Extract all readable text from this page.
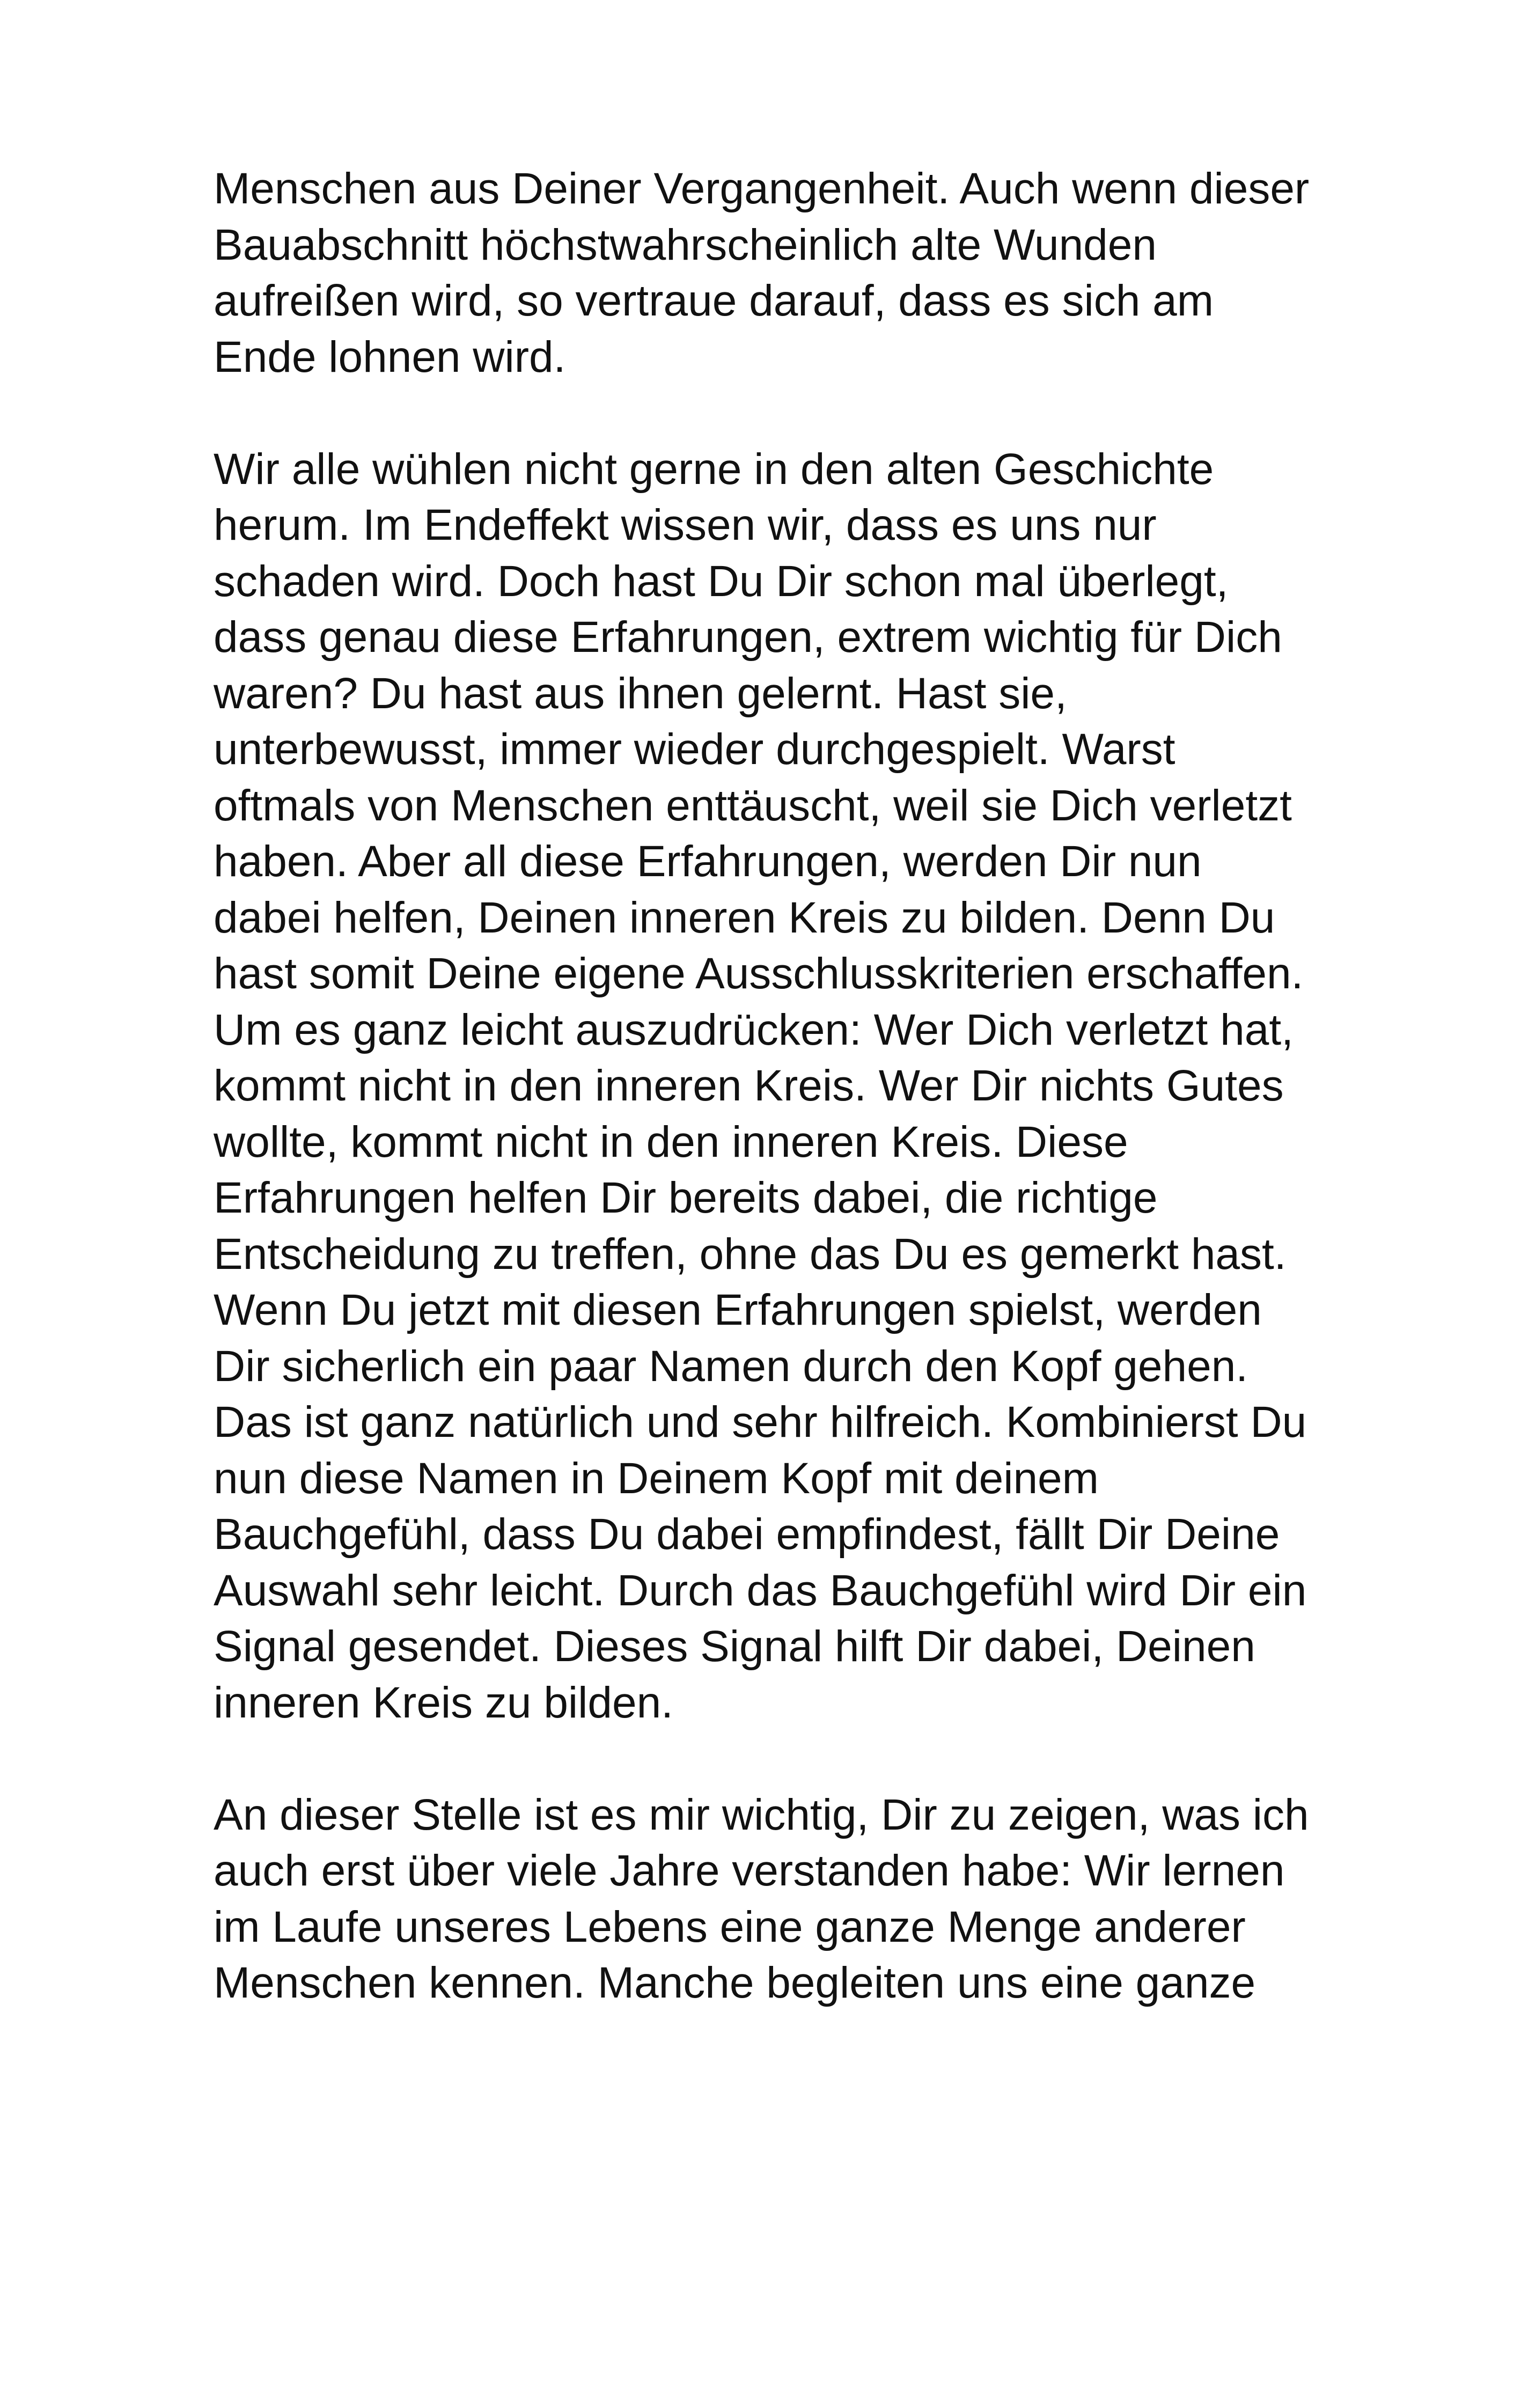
Menschen aus Deiner Vergangenheit. Auch wenn dieser
Bauabschnitt höchstwahrscheinlich alte Wunden
aufreißen wird, so vertraue darauf, dass es sich am
Ende lohnen wird.

Wir alle wühlen nicht gerne in den alten Geschichte
herum. Im Endeffekt wissen wir, dass es uns nur
schaden wird. Doch hast Du Dir schon mal überlegt,
dass genau diese Erfahrungen, extrem wichtig für Dich
waren? Du hast aus ihnen gelernt. Hast sie,
unterbewusst, immer wieder durchgespielt. Warst
oftmals von Menschen enttäuscht, weil sie Dich verletzt
haben. Aber all diese Erfahrungen, werden Dir nun
dabei helfen, Deinen inneren Kreis zu bilden. Denn Du
hast somit Deine eigene Ausschlusskriterien erschaffen.
Um es ganz leicht auszudrücken: Wer Dich verletzt hat,
kommt nicht in den inneren Kreis. Wer Dir nichts Gutes
wollte, kommt nicht in den inneren Kreis. Diese
Erfahrungen helfen Dir bereits dabei, die richtige
Entscheidung zu treffen, ohne das Du es gemerkt hast.
Wenn Du jetzt mit diesen Erfahrungen spielst, werden
Dir sicherlich ein paar Namen durch den Kopf gehen.
Das ist ganz natürlich und sehr hilfreich. Kombinierst Du
nun diese Namen in Deinem Kopf mit deinem
Bauchgefühl, dass Du dabei empfindest, fällt Dir Deine
Auswahl sehr leicht. Durch das Bauchgefühl wird Dir ein
Signal gesendet. Dieses Signal hilft Dir dabei, Deinen
inneren Kreis zu bilden.

An dieser Stelle ist es mir wichtig, Dir zu zeigen, was ich
auch erst über viele Jahre verstanden habe: Wir lernen
im Laufe unseres Lebens eine ganze Menge anderer
Menschen kennen. Manche begleiten uns eine ganze
